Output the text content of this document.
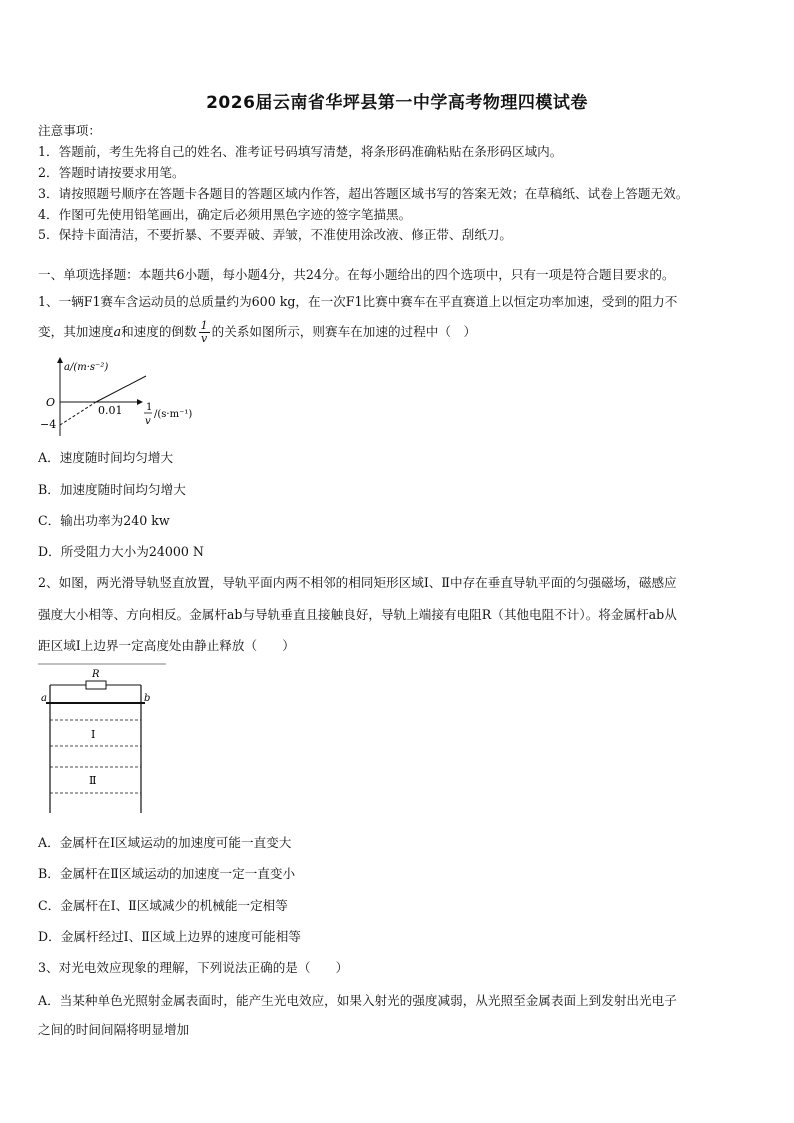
2026届云南省华坪县第一中学高考物理四模试卷
注意事项：
1．答题前，考生先将自己的姓名、准考证号码填写清楚，将条形码准确粘贴在条形码区域内。
2．答题时请按要求用笔。
3．请按照题号顺序在答题卡各题目的答题区域内作答，超出答题区域书写的答案无效；在草稿纸、试卷上答题无效。
4．作图可先使用铅笔画出，确定后必须用黑色字迹的签字笔描黑。
5．保持卡面清洁，不要折暴、不要弄破、弄皱，不准使用涂改液、修正带、刮纸刀。
一、单项选择题：本题共6小题，每小题4分，共24分。在每小题给出的四个选项中，只有一项是符合题目要求的。
1、一辆F1赛车含运动员的总质量约为600 kg，在一次F1比赛中赛车在平直赛道上以恒定功率加速，受到的阻力不
变，其加速度a和速度的倒数 $\frac{1}{v}$ 的关系如图所示，则赛车在加速的过程中（　）
a/(m·s⁻²)
O
−4
0.01 1
v
/(s·m⁻¹)
A．速度随时间均匀增大
B．加速度随时间均匀增大
C．输出功率为240 kw
D．所受阻力大小为24000 N
2、如图，两光滑导轨竖直放置，导轨平面内两不相邻的相同矩形区域Ⅰ、Ⅱ中存在垂直导轨平面的匀强磁场，磁感应
强度大小相等、方向相反。金属杆ab与导轨垂直且接触良好，导轨上端接有电阻R（其他电阻不计）。将金属杆ab从
距区域Ⅰ上边界一定高度处由静止释放（　　）
R
a	b
Ⅰ
Ⅱ
A．金属杆在Ⅰ区域运动的加速度可能一直变大
B．金属杆在Ⅱ区域运动的加速度一定一直变小
C．金属杆在Ⅰ、Ⅱ区域减少的机械能一定相等
D．金属杆经过Ⅰ、Ⅱ区域上边界的速度可能相等
3、对光电效应现象的理解，下列说法正确的是（　　）
A．当某种单色光照射金属表面时，能产生光电效应，如果入射光的强度减弱，从光照至金属表面上到发射出光电子
之间的时间间隔将明显增加
